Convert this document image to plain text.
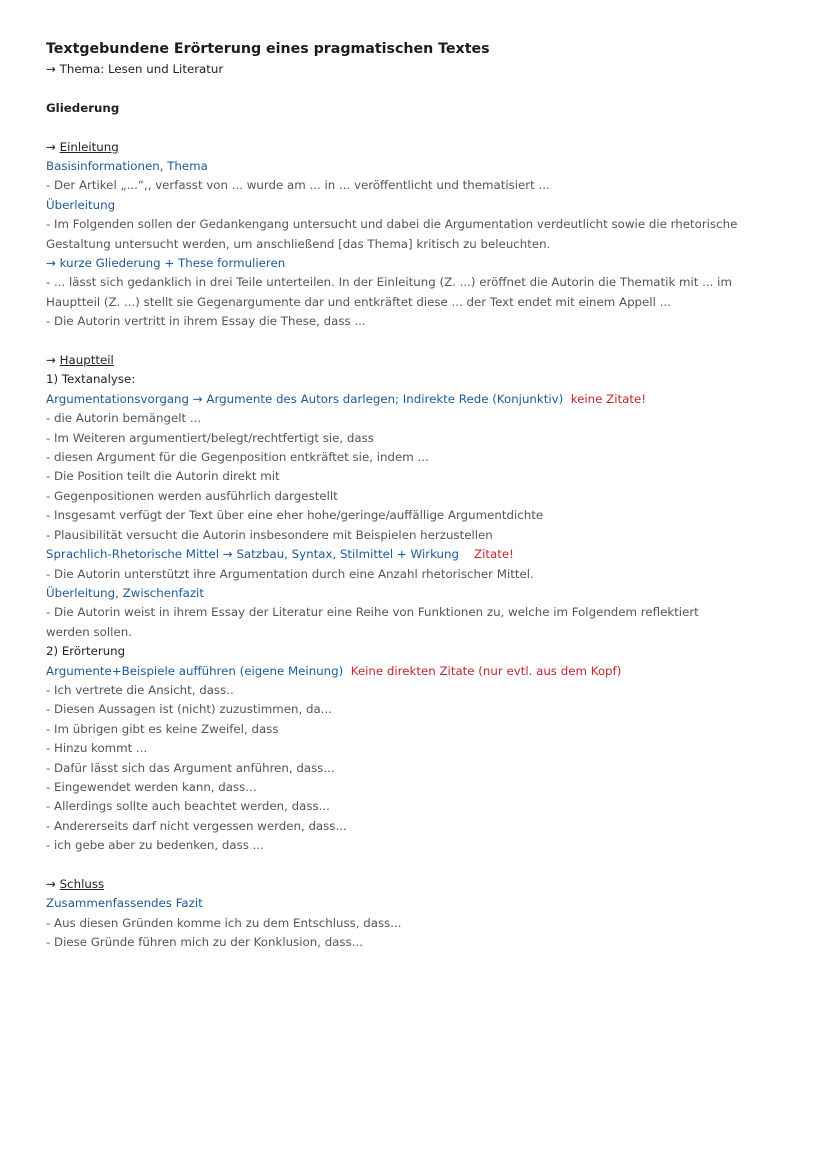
Textgebundene Erörterung eines pragmatischen Textes
→ Thema: Lesen und Literatur
Gliederung
→ Einleitung
Basisinformationen, Thema
- Der Artikel „...“,, verfasst von ... wurde am ... in ... veröffentlicht und thematisiert ...
Überleitung
- Im Folgenden sollen der Gedankengang untersucht und dabei die Argumentation verdeutlicht sowie die rhetorische
Gestaltung untersucht werden, um anschließend [das Thema] kritisch zu beleuchten.
→ kurze Gliederung + These formulieren
- ... lässt sich gedanklich in drei Teile unterteilen. In der Einleitung (Z. ...) eröffnet die Autorin die Thematik mit ... im
Hauptteil (Z. ...) stellt sie Gegenargumente dar und entkräftet diese ... der Text endet mit einem Appell ...
- Die Autorin vertritt in ihrem Essay die These, dass ...
→ Hauptteil
1) Textanalyse:
Argumentationsvorgang → Argumente des Autors darlegen; Indirekte Rede (Konjunktiv) keine Zitate!
- die Autorin bemängelt ...
- Im Weiteren argumentiert/belegt/rechtfertigt sie, dass
- diesen Argument für die Gegenposition entkräftet sie, indem ...
- Die Position teilt die Autorin direkt mit
- Gegenpositionen werden ausführlich dargestellt
- Insgesamt verfügt der Text über eine eher hohe/geringe/auffällige Argumentdichte
- Plausibilität versucht die Autorin insbesondere mit Beispielen herzustellen
Sprachlich-Rhetorische Mittel → Satzbau, Syntax, Stilmittel + Wirkung Zitate!
- Die Autorin unterstützt ihre Argumentation durch eine Anzahl rhetorischer Mittel.
Überleitung, Zwischenfazit
- Die Autorin weist in ihrem Essay der Literatur eine Reihe von Funktionen zu, welche im Folgendem reflektiert
werden sollen.
2) Erörterung
Argumente+Beispiele aufführen (eigene Meinung) Keine direkten Zitate (nur evtl. aus dem Kopf)
- Ich vertrete die Ansicht, dass..
- Diesen Aussagen ist (nicht) zuzustimmen, da...
- Im übrigen gibt es keine Zweifel, dass
- Hinzu kommt ...
- Dafür lässt sich das Argument anführen, dass...
- Eingewendet werden kann, dass...
- Allerdings sollte auch beachtet werden, dass...
- Andererseits darf nicht vergessen werden, dass...
- ich gebe aber zu bedenken, dass ...
→ Schluss
Zusammenfassendes Fazit
- Aus diesen Gründen komme ich zu dem Entschluss, dass...
- Diese Gründe führen mich zu der Konklusion, dass...
